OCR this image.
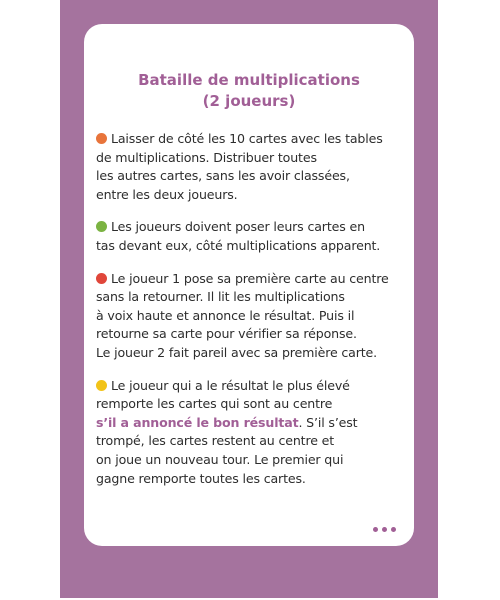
Bataille de multiplications
(2 joueurs)
Laisser de côté les 10 cartes avec les tables
de multiplications. Distribuer toutes
les autres cartes, sans les avoir classées,
entre les deux joueurs.
Les joueurs doivent poser leurs cartes en
tas devant eux, côté multiplications apparent.
Le joueur 1 pose sa première carte au centre
sans la retourner. Il lit les multiplications
à voix haute et annonce le résultat. Puis il
retourne sa carte pour vérifier sa réponse.
Le joueur 2 fait pareil avec sa première carte.
Le joueur qui a le résultat le plus élevé
remporte les cartes qui sont au centre
s’il a annoncé le bon résultat. S’il s’est
trompé, les cartes restent au centre et
on joue un nouveau tour. Le premier qui
gagne remporte toutes les cartes.
